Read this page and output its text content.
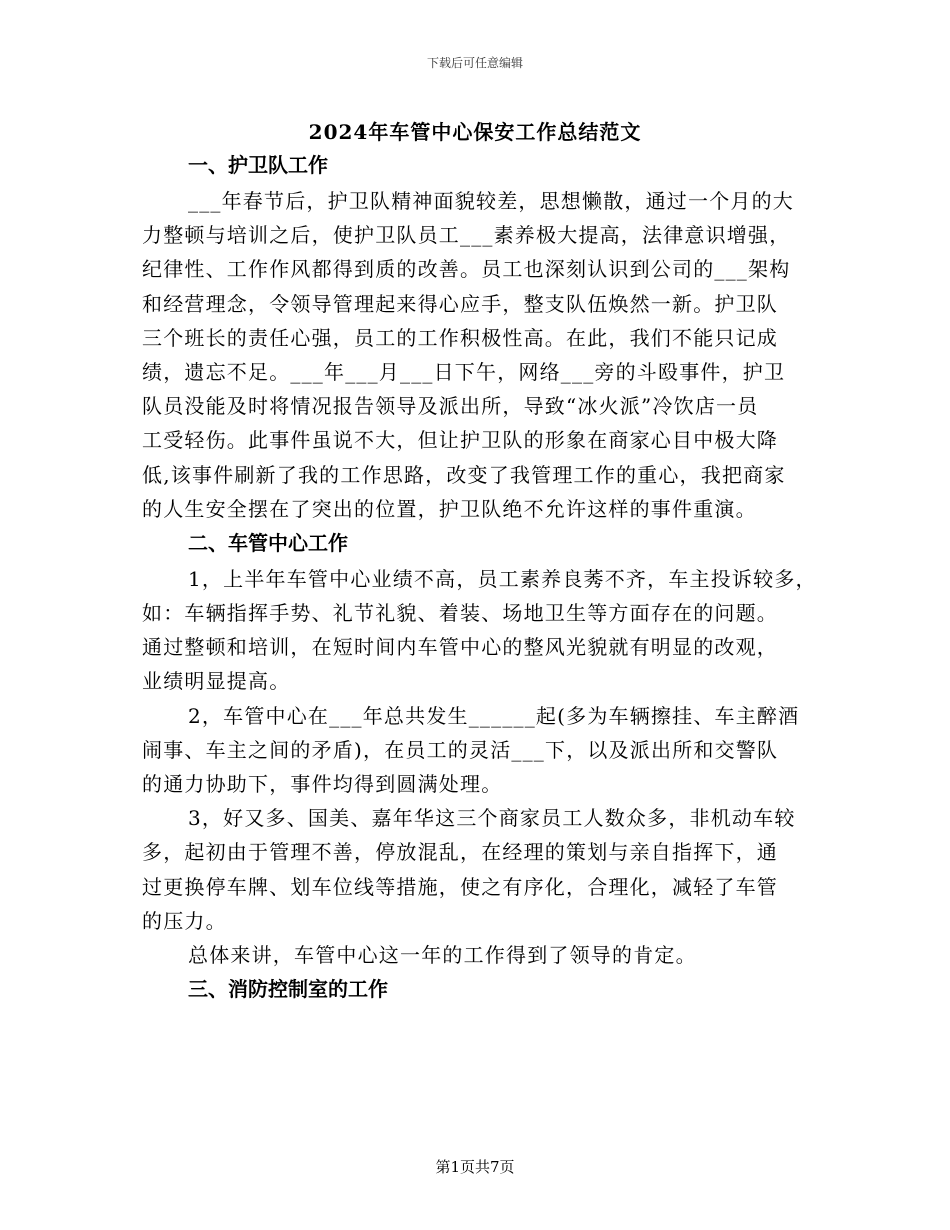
下载后可任意编辑
2024年车管中心保安工作总结范文
一、护卫队工作
___年春节后，护卫队精神面貌较差，思想懒散，通过一个月的大
力整顿与培训之后，使护卫队员工___素养极大提高，法律意识增强，
纪律性、工作作风都得到质的改善。员工也深刻认识到公司的___架构
和经营理念，令领导管理起来得心应手，整支队伍焕然一新。护卫队
三个班长的责任心强，员工的工作积极性高。在此，我们不能只记成
绩，遗忘不足。___年___月___日下午，网络___旁的斗殴事件，护卫
队员没能及时将情况报告领导及派出所，导致“冰火派”冷饮店一员
工受轻伤。此事件虽说不大，但让护卫队的形象在商家心目中极大降
低,该事件刷新了我的工作思路，改变了我管理工作的重心，我把商家
的人生安全摆在了突出的位置，护卫队绝不允许这样的事件重演。
二、车管中心工作
1，上半年车管中心业绩不高，员工素养良莠不齐，车主投诉较多，
如：车辆指挥手势、礼节礼貌、着装、场地卫生等方面存在的问题。
通过整顿和培训，在短时间内车管中心的整风光貌就有明显的改观，
业绩明显提高。
2，车管中心在___年总共发生______起(多为车辆擦挂、车主醉酒
闹事、车主之间的矛盾)，在员工的灵活___下，以及派出所和交警队
的通力协助下，事件均得到圆满处理。
3，好又多、国美、嘉年华这三个商家员工人数众多，非机动车较
多，起初由于管理不善，停放混乱，在经理的策划与亲自指挥下，通
过更换停车牌、划车位线等措施，使之有序化，合理化，减轻了车管
的压力。
总体来讲，车管中心这一年的工作得到了领导的肯定。
三、消防控制室的工作
第1页共7页
